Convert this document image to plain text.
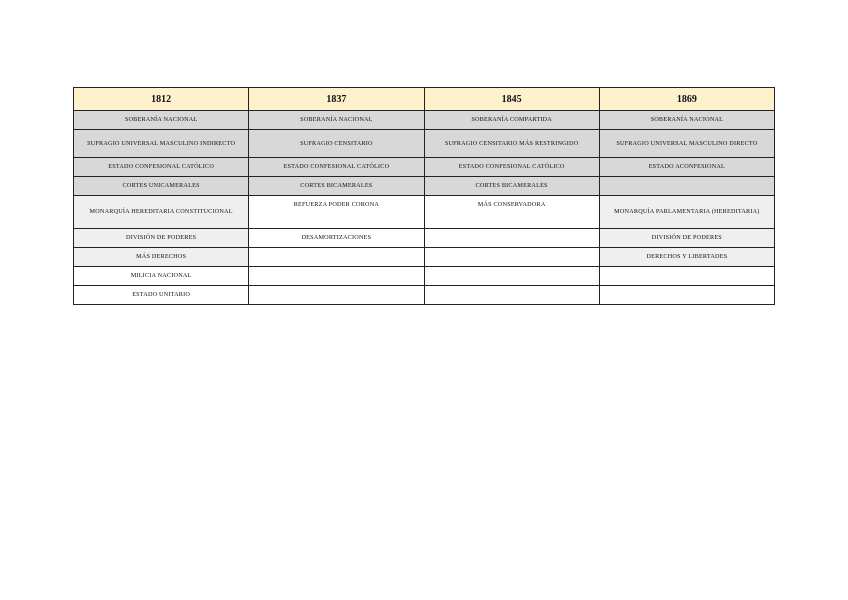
1812	1837	1845	1869
SOBERANÍA NACIONAL	SOBERANÍA NACIONAL	SOBERANÍA COMPARTIDA	SOBERANÍA NACIONAL
SUFRAGIO UNIVERSAL MASCULINO INDIRECTO	SUFRAGIO CENSITARIO	SUFRAGIO CENSITARIO MÁS RESTRINGIDO	SUFRAGIO UNIVERSAL MASCULINO DIRECTO
ESTADO CONFESIONAL CATÓLICO	ESTADO CONFESIONAL CATÓLICO	ESTADO CONFESIONAL CATÓLICO	ESTADO ACONFESIONAL
CORTES UNICAMERALES	CORTES BICAMERALES	CORTES BICAMERALES	
MONARQUÍA HEREDITARIA CONSTITUCIONAL	REFUERZA PODER CORONA	MÁS CONSERVADORA	MONARQUÍA PARLAMENTARIA (HEREDITARIA)
DIVISIÓN DE PODERES	DESAMORTIZACIONES		DIVISIÓN DE PODERES
MÁS DERECHOS			DERECHOS Y LIBERTADES
MILICIA NACIONAL			
ESTADO UNITARIO			
